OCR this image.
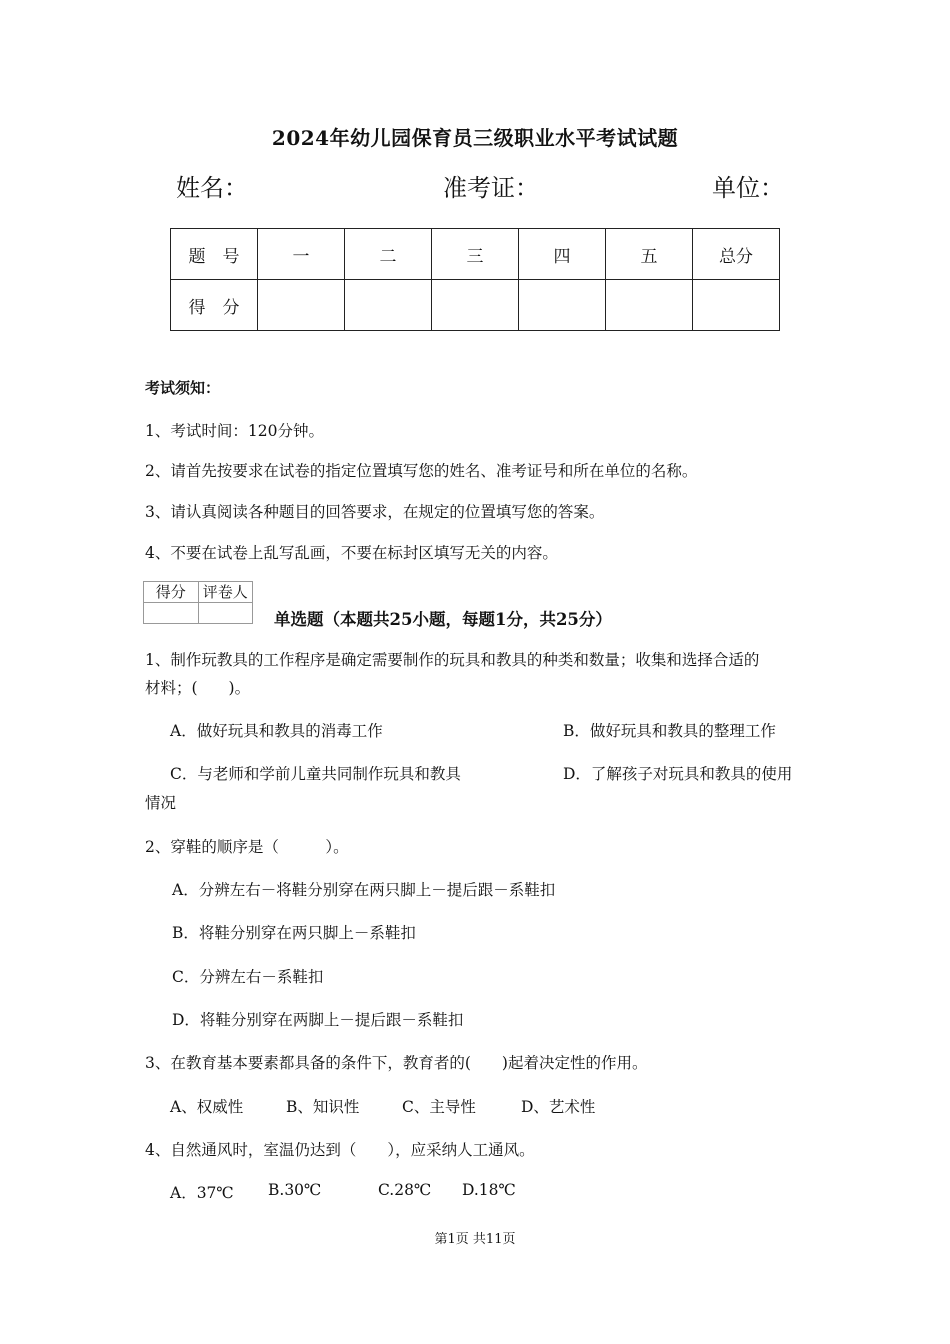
2024年幼儿园保育员三级职业水平考试试题
姓名：	准考证：	单位：
题　号	一	二	三	四	五	总分
得　分						
考试须知：
1、考试时间：120分钟。
2、请首先按要求在试卷的指定位置填写您的姓名、准考证号和所在单位的名称。
3、请认真阅读各种题目的回答要求，在规定的位置填写您的答案。
4、不要在试卷上乱写乱画，不要在标封区填写无关的内容。
得分	评卷人

单选题（本题共25小题，每题1分，共25分）
1、制作玩教具的工作程序是确定需要制作的玩具和教具的种类和数量；收集和选择合适的
材料；(　　)。
A．做好玩具和教具的消毒工作	B．做好玩具和教具的整理工作
C．与老师和学前儿童共同制作玩具和教具	D．了解孩子对玩具和教具的使用
情况
2、穿鞋的顺序是（　　　）。
A．分辨左右－将鞋分别穿在两只脚上－提后跟－系鞋扣
B．将鞋分别穿在两只脚上－系鞋扣
C．分辨左右－系鞋扣
D．将鞋分别穿在两脚上－提后跟－系鞋扣
3、在教育基本要素都具备的条件下，教育者的(　　)起着决定性的作用。
A、权威性	B、知识性	C、主导性	D、艺术性
4、自然通风时，室温仍达到（　　），应采纳人工通风。
A．37℃ B.30℃	C.28℃ D.18℃
第1页 共11页
